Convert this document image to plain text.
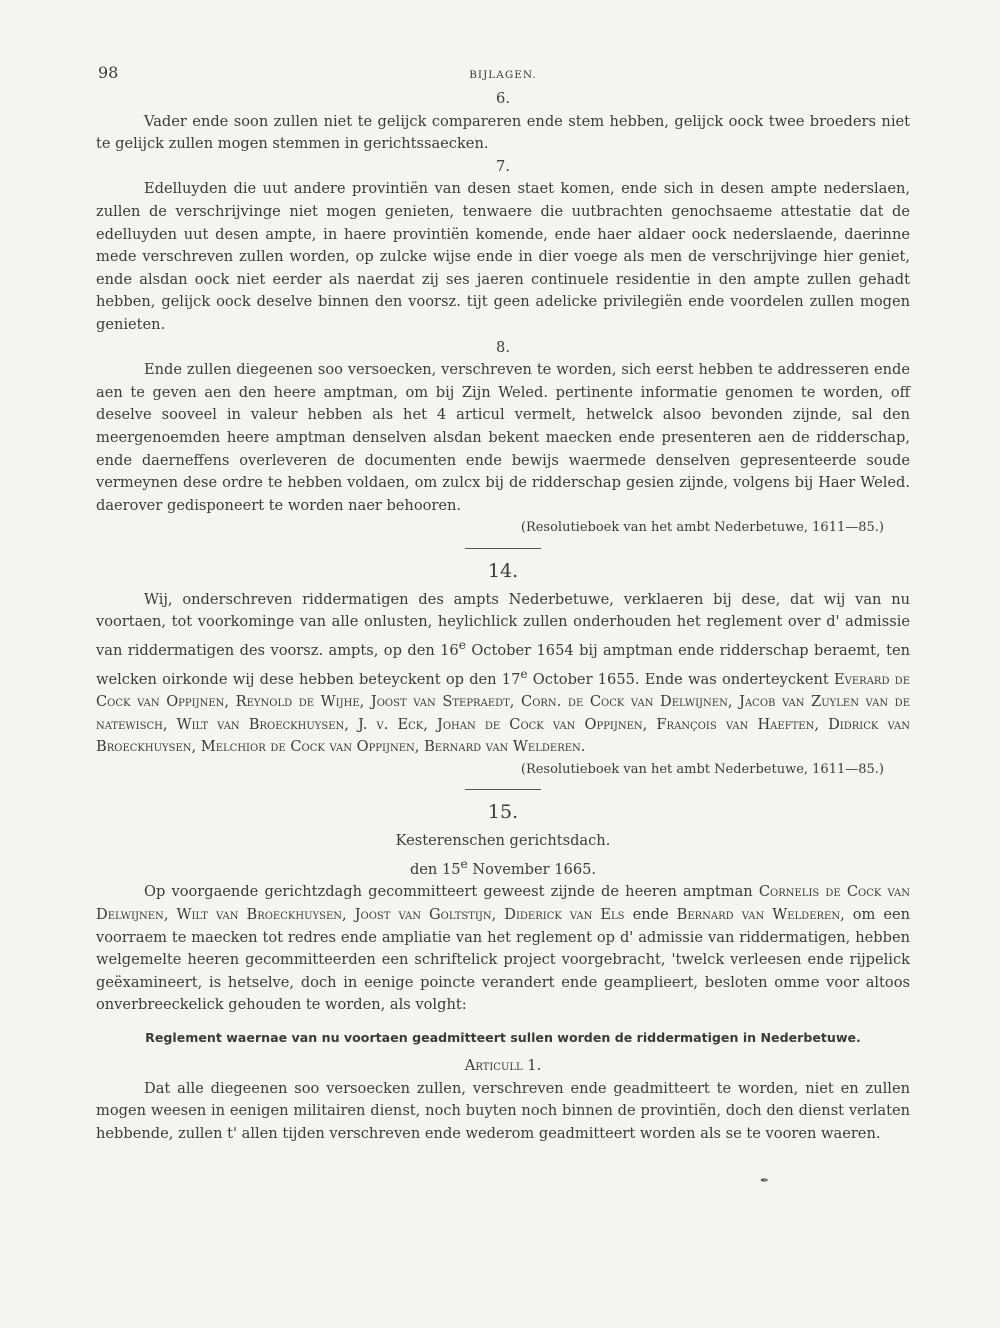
98	BIJLAGEN.
6.

Vader ende soon zullen niet te gelijck compareren ende stem hebben, gelijck oock twee broeders niet te gelijck zullen mogen stemmen in gerichtssaecken.

7.

Edelluyden die uut andere provintiën van desen staet komen, ende sich in desen ampte nederslaen, zullen de verschrijvinge niet mogen genieten, tenwaere die uutbrachten genochsaeme attestatie dat de edelluyden uut desen ampte, in haere provintiën komende, ende haer aldaer oock nederslaende, daerinne mede verschreven zullen worden, op zulcke wijse ende in dier voege als men de verschrijvinge hier geniet, ende alsdan oock niet eerder als naerdat zij ses jaeren continuele residentie in den ampte zullen gehadt hebben, gelijck oock deselve binnen den voorsz. tijt geen adelicke privilegiën ende voordelen zullen mogen genieten.

8.

Ende zullen diegeenen soo versoecken, verschreven te worden, sich eerst hebben te addresseren ende aen te geven aen den heere amptman, om bij Zijn Weled. pertinente informatie genomen te worden, off deselve sooveel in valeur hebben als het 4 articul vermelt, hetwelck alsoo bevonden zijnde, sal den meergenoemden heere amptman denselven alsdan bekent maecken ende presenteren aen de ridderschap, ende daerneffens overleveren de documenten ende bewijs waermede denselven gepresenteerde soude vermeynen dese ordre te hebben voldaen, om zulcx bij de ridderschap gesien zijnde, volgens bij Haer Weled. daerover gedisponeert te worden naer behooren.

(Resolutieboek van het ambt Nederbetuwe, 1611—85.)
14.

Wij, onderschreven riddermatigen des ampts Nederbetuwe, verklaeren bij dese, dat wij van nu voortaen, tot voorkominge van alle onlusten, heylichlick zullen onderhouden het reglement over d' admissie van riddermatigen des voorsz. ampts, op den 16e October 1654 bij amptman ende ridderschap beraemt, ten welcken oirkonde wij dese hebben beteyckent op den 17e October 1655. Ende was onderteyckent Everard de Cock van Oppijnen, Reynold de Wijhe, Joost van Stepraedt, Corn. de Cock van Delwijnen, Jacob van Zuylen van de natewisch, Wilt van Broeckhuysen, J. v. Eck, Johan de Cock van Oppijnen, François van Haeften, Didrick van Broeckhuysen, Melchior de Cock van Oppijnen, Bernard van Welderen.

(Resolutieboek van het ambt Nederbetuwe, 1611—85.)
15.
Kesterenschen gerichtsdach.
den 15e November 1665.

Op voorgaende gerichtzdagh gecommitteert geweest zijnde de heeren amptman Cornelis de Cock van Delwijnen, Wilt van Broeckhuysen, Joost van Goltstijn, Diderick van Els ende Bernard van Welderen, om een voorraem te maecken tot redres ende ampliatie van het reglement op d' admissie van riddermatigen, hebben welgemelte heeren gecommitteerden een schriftelick project voorgebracht, 'twelck verleesen ende rijpelick geëxamineert, is hetselve, doch in eenige poincte verandert ende geamplieert, besloten omme voor altoos onverbreeckelick gehouden te worden, als volght:

Reglement waernae van nu voortaen geadmitteert sullen worden de riddermatigen in Nederbetuwe.
Articull 1.

Dat alle diegeenen soo versoecken zullen, verschreven ende geadmitteert te worden, niet en zullen mogen weesen in eenigen militairen dienst, noch buyten noch binnen de provintiën, doch den dienst verlaten hebbende, zullen t' allen tijden verschreven ende wederom geadmitteert worden als se te vooren waeren.

✒
